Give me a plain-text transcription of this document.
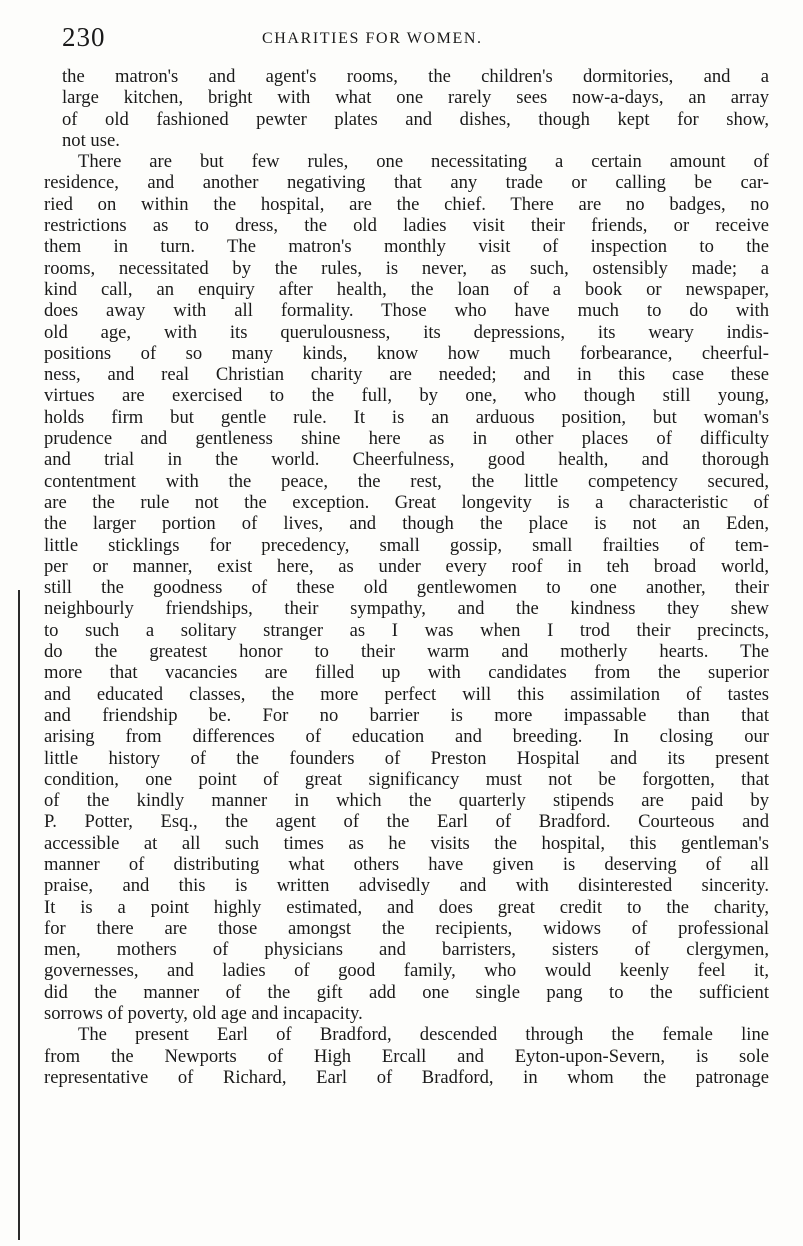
230	CHARITIES FOR WOMEN.
the matron's and agent's rooms, the children's dormitories, and a
large kitchen, bright with what one rarely sees now-a-days, an array
of old fashioned pewter plates and dishes, though kept for show,
not use.
There are but few rules, one necessitating a certain amount of
residence, and another negativing that any trade or calling be car-
ried on within the hospital, are the chief. There are no badges, no
restrictions as to dress, the old ladies visit their friends, or receive
them in turn. The matron's monthly visit of inspection to the
rooms, necessitated by the rules, is never, as such, ostensibly made; a
kind call, an enquiry after health, the loan of a book or newspaper,
does away with all formality. Those who have much to do with
old age, with its querulousness, its depressions, its weary indis-
positions of so many kinds, know how much forbearance, cheerful-
ness, and real Christian charity are needed; and in this case these
virtues are exercised to the full, by one, who though still young,
holds firm but gentle rule. It is an arduous position, but woman's
prudence and gentleness shine here as in other places of difficulty
and trial in the world. Cheerfulness, good health, and thorough
contentment with the peace, the rest, the little competency secured,
are the rule not the exception. Great longevity is a characteristic of
the larger portion of lives, and though the place is not an Eden,
little sticklings for precedency, small gossip, small frailties of tem-
per or manner, exist here, as under every roof in teh broad world,
still the goodness of these old gentlewomen to one another, their
neighbourly friendships, their sympathy, and the kindness they shew
to such a solitary stranger as I was when I trod their precincts,
do the greatest honor to their warm and motherly hearts. The
more that vacancies are filled up with candidates from the superior
and educated classes, the more perfect will this assimilation of tastes
and friendship be. For no barrier is more impassable than that
arising from differences of education and breeding. In closing our
little history of the founders of Preston Hospital and its present
condition, one point of great significancy must not be forgotten, that
of the kindly manner in which the quarterly stipends are paid by
P. Potter, Esq., the agent of the Earl of Bradford. Courteous and
accessible at all such times as he visits the hospital, this gentleman's
manner of distributing what others have given is deserving of all
praise, and this is written advisedly and with disinterested sincerity.
It is a point highly estimated, and does great credit to the charity,
for there are those amongst the recipients, widows of professional
men, mothers of physicians and barristers, sisters of clergymen,
governesses, and ladies of good family, who would keenly feel it,
did the manner of the gift add one single pang to the sufficient
sorrows of poverty, old age and incapacity.
The present Earl of Bradford, descended through the female line
from the Newports of High Ercall and Eyton-upon-Severn, is sole
representative of Richard, Earl of Bradford, in whom the patronage
